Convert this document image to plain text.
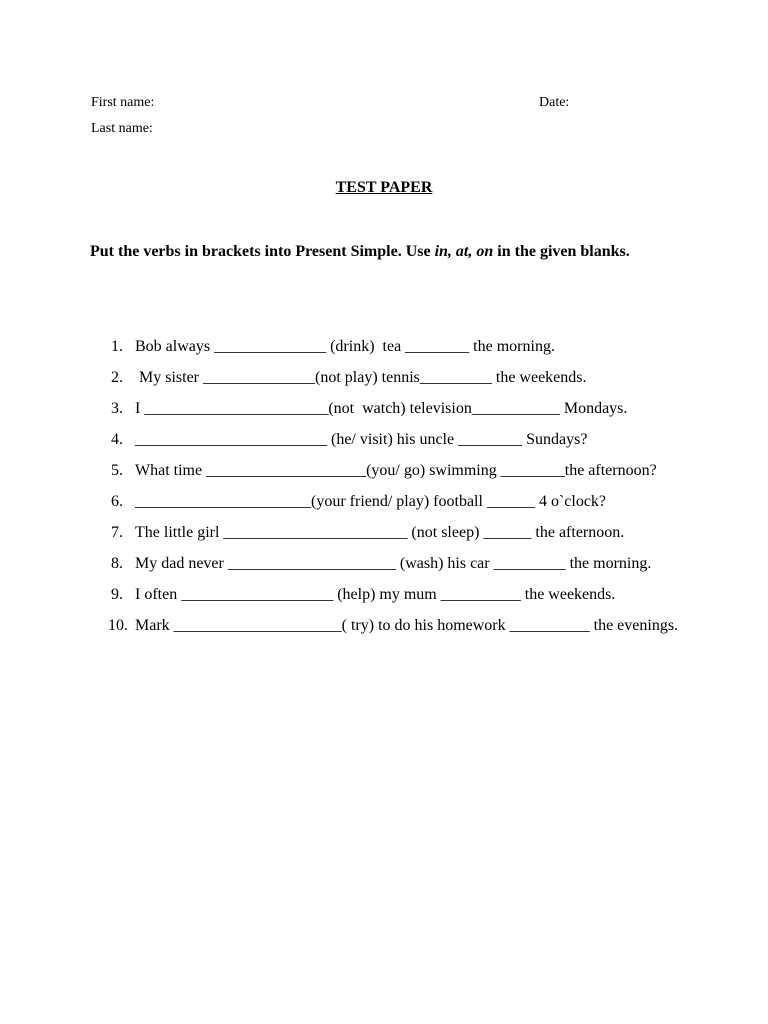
First name:	Date:
Last name:
TEST PAPER
Put the verbs in brackets into Present Simple. Use in, at, on in the given blanks.
1. Bob always ______________ (drink)  tea ________ the morning.
2. My sister ______________(not play) tennis_________ the weekends.
3. I _______________________(not  watch) television___________ Mondays.
4. ________________________ (he/ visit) his uncle ________ Sundays?
5. What time ____________________(you/ go) swimming ________the afternoon?
6. ______________________(your friend/ play) football ______ 4 o`clock?
7. The little girl _______________________ (not sleep) ______ the afternoon.
8. My dad never _____________________ (wash) his car _________ the morning.
9. I often ___________________ (help) my mum __________ the weekends.
10. Mark _____________________( try) to do his homework __________ the evenings.
